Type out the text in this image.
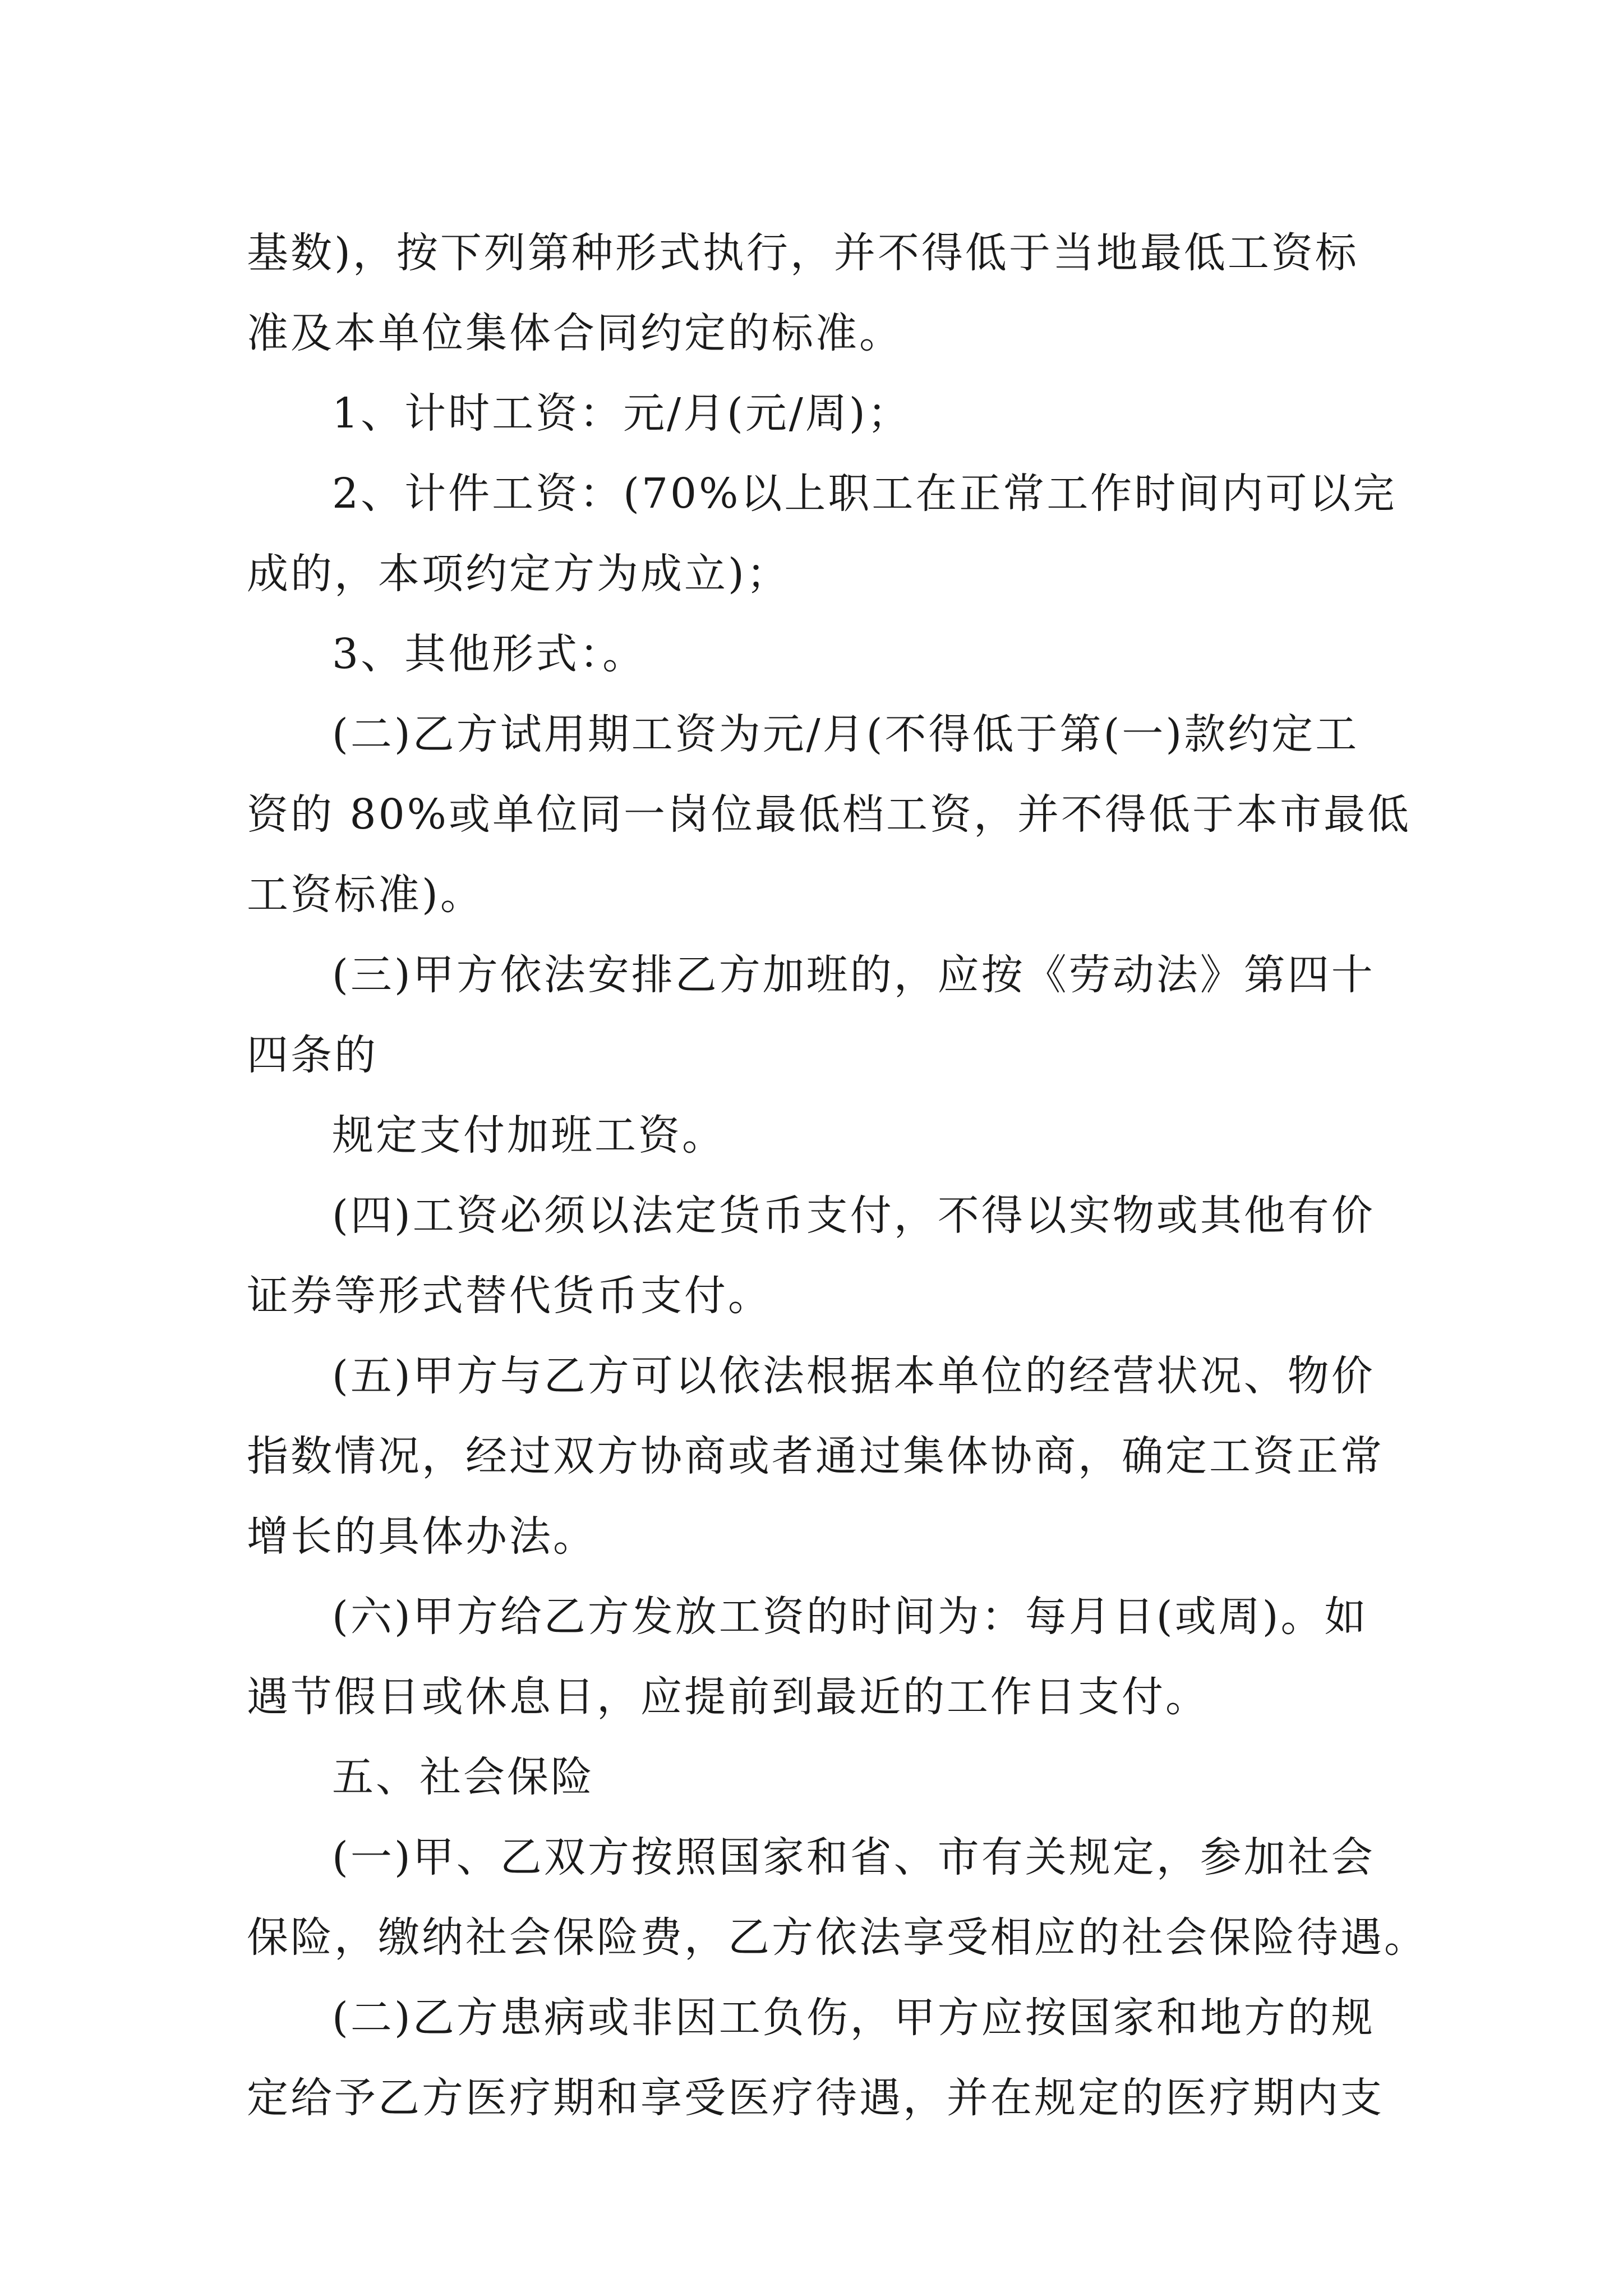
基数)，按下列第种形式执行，并不得低于当地最低工资标
准及本单位集体合同约定的标准。
1、计时工资：元/月(元/周)；
2、计件工资：(70%以上职工在正常工作时间内可以完
成的，本项约定方为成立)；
3、其他形式：。
(二)乙方试用期工资为元/月(不得低于第(一)款约定工
资的 80%或单位同一岗位最低档工资，并不得低于本市最低
工资标准)。
(三)甲方依法安排乙方加班的，应按《劳动法》第四十
四条的
规定支付加班工资。
(四)工资必须以法定货币支付，不得以实物或其他有价
证券等形式替代货币支付。
(五)甲方与乙方可以依法根据本单位的经营状况、物价
指数情况，经过双方协商或者通过集体协商，确定工资正常
增长的具体办法。
(六)甲方给乙方发放工资的时间为：每月日(或周)。如
遇节假日或休息日，应提前到最近的工作日支付。
五、社会保险
(一)甲、乙双方按照国家和省、市有关规定，参加社会
保险，缴纳社会保险费，乙方依法享受相应的社会保险待遇。
(二)乙方患病或非因工负伤，甲方应按国家和地方的规
定给予乙方医疗期和享受医疗待遇，并在规定的医疗期内支
